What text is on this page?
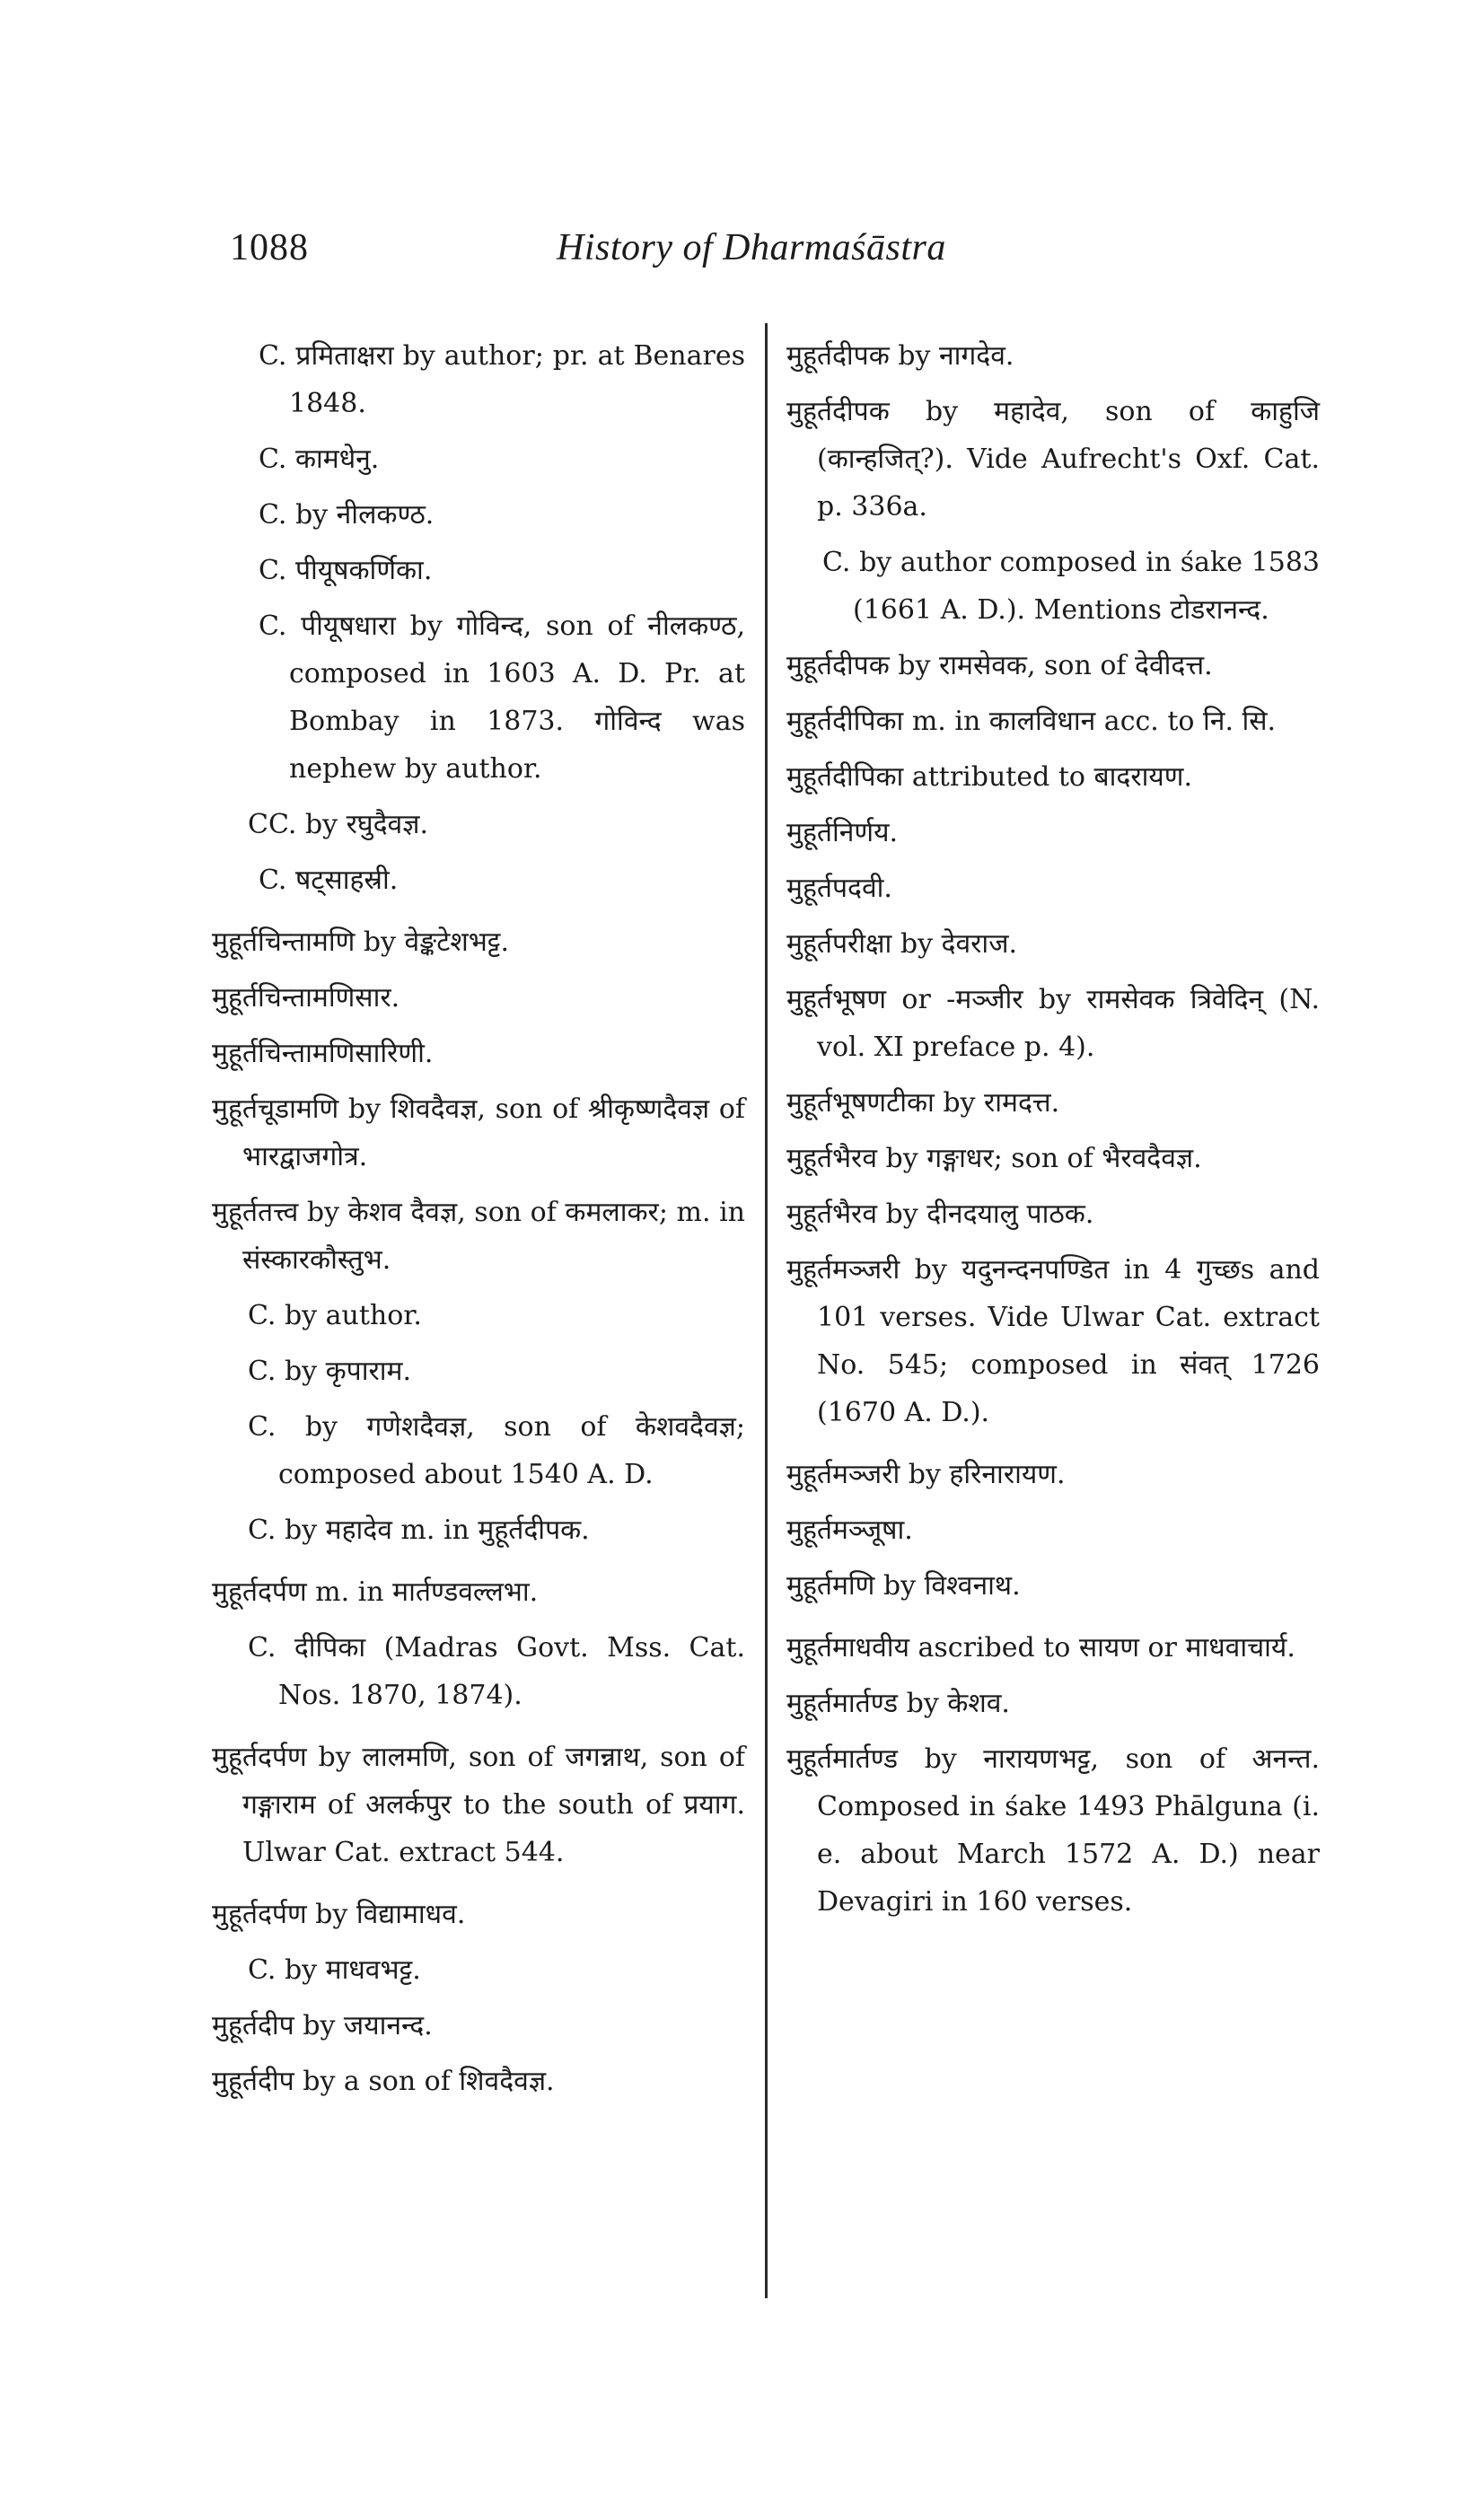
1088	History of Dharmaśāstra
C. प्रमिताक्षरा by author; pr. at Benares 1848.
C. कामधेनु.
C. by नीलकण्ठ.
C. पीयूषकर्णिका.
C. पीयूषधारा by गोविन्द, son of नीलकण्ठ, composed in 1603 A. D. Pr. at Bombay in 1873. गोविन्द was nephew by author.
CC. by रघुदैवज्ञ.
C. षट्साहस्री.
मुहूर्तचिन्तामणि by वेङ्कटेशभट्ट.
मुहूर्तचिन्तामणिसार.
मुहूर्तचिन्तामणिसारिणी.
मुहूर्तचूडामणि by शिवदैवज्ञ, son of श्रीकृष्णदैवज्ञ of भारद्वाजगोत्र.
मुहूर्ततत्त्व by केशव दैवज्ञ, son of कमलाकर; m. in संस्कारकौस्तुभ.
C. by author.
C. by कृपाराम.
C. by गणेशदैवज्ञ, son of केशवदैवज्ञ; composed about 1540 A. D.
C. by महादेव m. in मुहूर्तदीपक.
मुहूर्तदर्पण m. in मार्तण्डवल्लभा.
C. दीपिका (Madras Govt. Mss. Cat. Nos. 1870, 1874).
मुहूर्तदर्पण by लालमणि, son of जगन्नाथ, son of गङ्गाराम of अलर्कपुर to the south of प्रयाग. Ulwar Cat. extract 544.
मुहूर्तदर्पण by विद्यामाधव.
C. by माधवभट्ट.
मुहूर्तदीप by जयानन्द.
मुहूर्तदीप by a son of शिवदैवज्ञ.
मुहूर्तदीपक by नागदेव.
मुहूर्तदीपक by महादेव, son of काहुजि (कान्हजित्?). Vide Aufrecht's Oxf. Cat. p. 336a.
C. by author composed in śake 1583 (1661 A. D.). Mentions टोडरानन्द.
मुहूर्तदीपक by रामसेवक, son of देवीदत्त.
मुहूर्तदीपिका m. in कालविधान acc. to नि. सि.
मुहूर्तदीपिका attributed to बादरायण.
मुहूर्तनिर्णय.
मुहूर्तपदवी.
मुहूर्तपरीक्षा by देवराज.
मुहूर्तभूषण or -मञ्जीर by रामसेवक त्रिवेदिन् (N. vol. XI preface p. 4).
मुहूर्तभूषणटीका by रामदत्त.
मुहूर्तभैरव by गङ्गाधर; son of भैरवदैवज्ञ.
मुहूर्तभैरव by दीनदयालु पाठक.
मुहूर्तमञ्जरी by यदुनन्दनपण्डित in 4 गुच्छs and 101 verses. Vide Ulwar Cat. extract No. 545; composed in संवत् 1726 (1670 A. D.).
मुहूर्तमञ्जरी by हरिनारायण.
मुहूर्तमञ्जूषा.
मुहूर्तमणि by विश्वनाथ.
मुहूर्तमाधवीय ascribed to सायण or माधवाचार्य.
मुहूर्तमार्तण्ड by केशव.
मुहूर्तमार्तण्ड by नारायणभट्ट, son of अनन्त. Composed in śake 1493 Phālguna (i. e. about March 1572 A. D.) near Devagiri in 160 verses.
